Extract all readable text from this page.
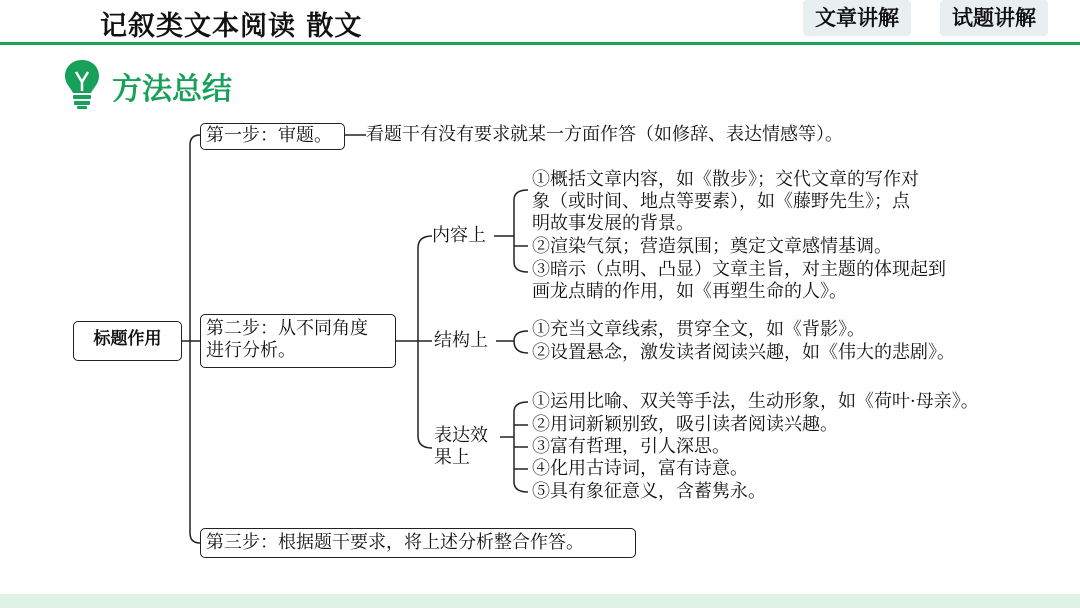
记叙类文本阅读 散文	文章讲解	试题讲解
方法总结
标题作用
第一步：审题。	看题干有没有要求就某一方面作答（如修辞、表达情感等）。
第二步：从不同角度
进行分析。
内容上
①概括文章内容，如《散步》；交代文章的写作对
象（或时间、地点等要素），如《藤野先生》；点
明故事发展的背景。
②渲染气氛；营造氛围；奠定文章感情基调。
③暗示（点明、凸显）文章主旨，对主题的体现起到
画龙点睛的作用，如《再塑生命的人》。
结构上
①充当文章线索，贯穿全文，如《背影》。
②设置悬念，激发读者阅读兴趣，如《伟大的悲剧》。
表达效
果上
①运用比喻、双关等手法，生动形象，如《荷叶·母亲》。
②用词新颖别致，吸引读者阅读兴趣。
③富有哲理，引人深思。
④化用古诗词，富有诗意。
⑤具有象征意义，含蓄隽永。
第三步：根据题干要求，将上述分析整合作答。
